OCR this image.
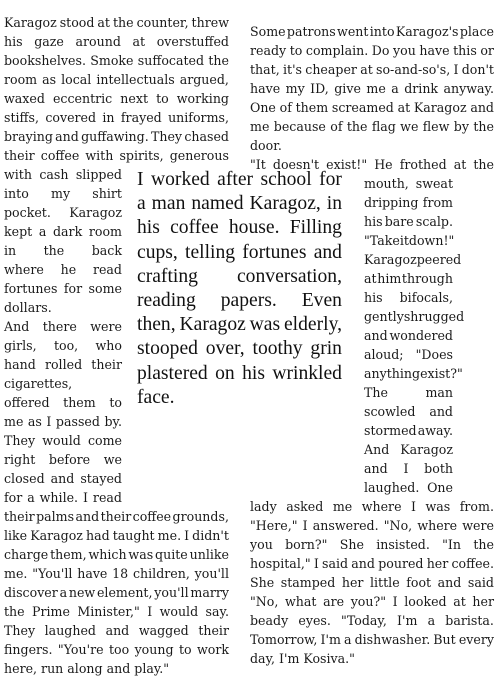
Karagoz stood at the counter, threw
his gaze around at overstuffed
bookshelves. Smoke suffocated the
room as local intellectuals argued,
waxed eccentric next to working
stiffs, covered in frayed uniforms,
braying and guffawing. They chased
their coffee with spirits, generous
with cash slipped
into my shirt
pocket. Karagoz
kept a dark room
in the back
where he read
fortunes for some
dollars.
And there were
girls, too, who
hand rolled their
cigarettes,
offered them to
me as I passed by.
They would come
right before we
closed and stayed
for a while. I read
their palms and their coffee grounds,
like Karagoz had taught me. I didn't
charge them, which was quite unlike
me. "You'll have 18 children, you'll
discover a new element, you'll marry
the Prime Minister," I would say.
They laughed and wagged their
fingers. "You're too young to work
here, run along and play."
Some patrons went into Karagoz's place
ready to complain. Do you have this or
that, it's cheaper at so-and-so's, I don't
have my ID, give me a drink anyway.
One of them screamed at Karagoz and
me because of the flag we flew by the
door.
"It doesn't exist!" He frothed at the
mouth, sweat
dripping from
his bare scalp.
"Take it down!"
Karagoz peered
at him through
his bifocals,
gently shrugged
and wondered
aloud; "Does
anything exist?"
The	man
scowled and
stormed away.
And Karagoz
and I both
laughed. One
lady asked me where I was from.
"Here," I answered. "No, where were
you born?" She insisted. "In the
hospital," I said and poured her coffee.
She stamped her little foot and said
"No, what are you?" I looked at her
beady eyes. "Today, I'm a barista.
Tomorrow, I'm a dishwasher. But every
day, I'm Kosiva."
I worked after school for
a man named Karagoz, in
his coffee house. Filling
cups, telling fortunes and
crafting conversation,
reading papers. Even
then, Karagoz was elderly,
stooped over, toothy grin
plastered on his wrinkled
face.
